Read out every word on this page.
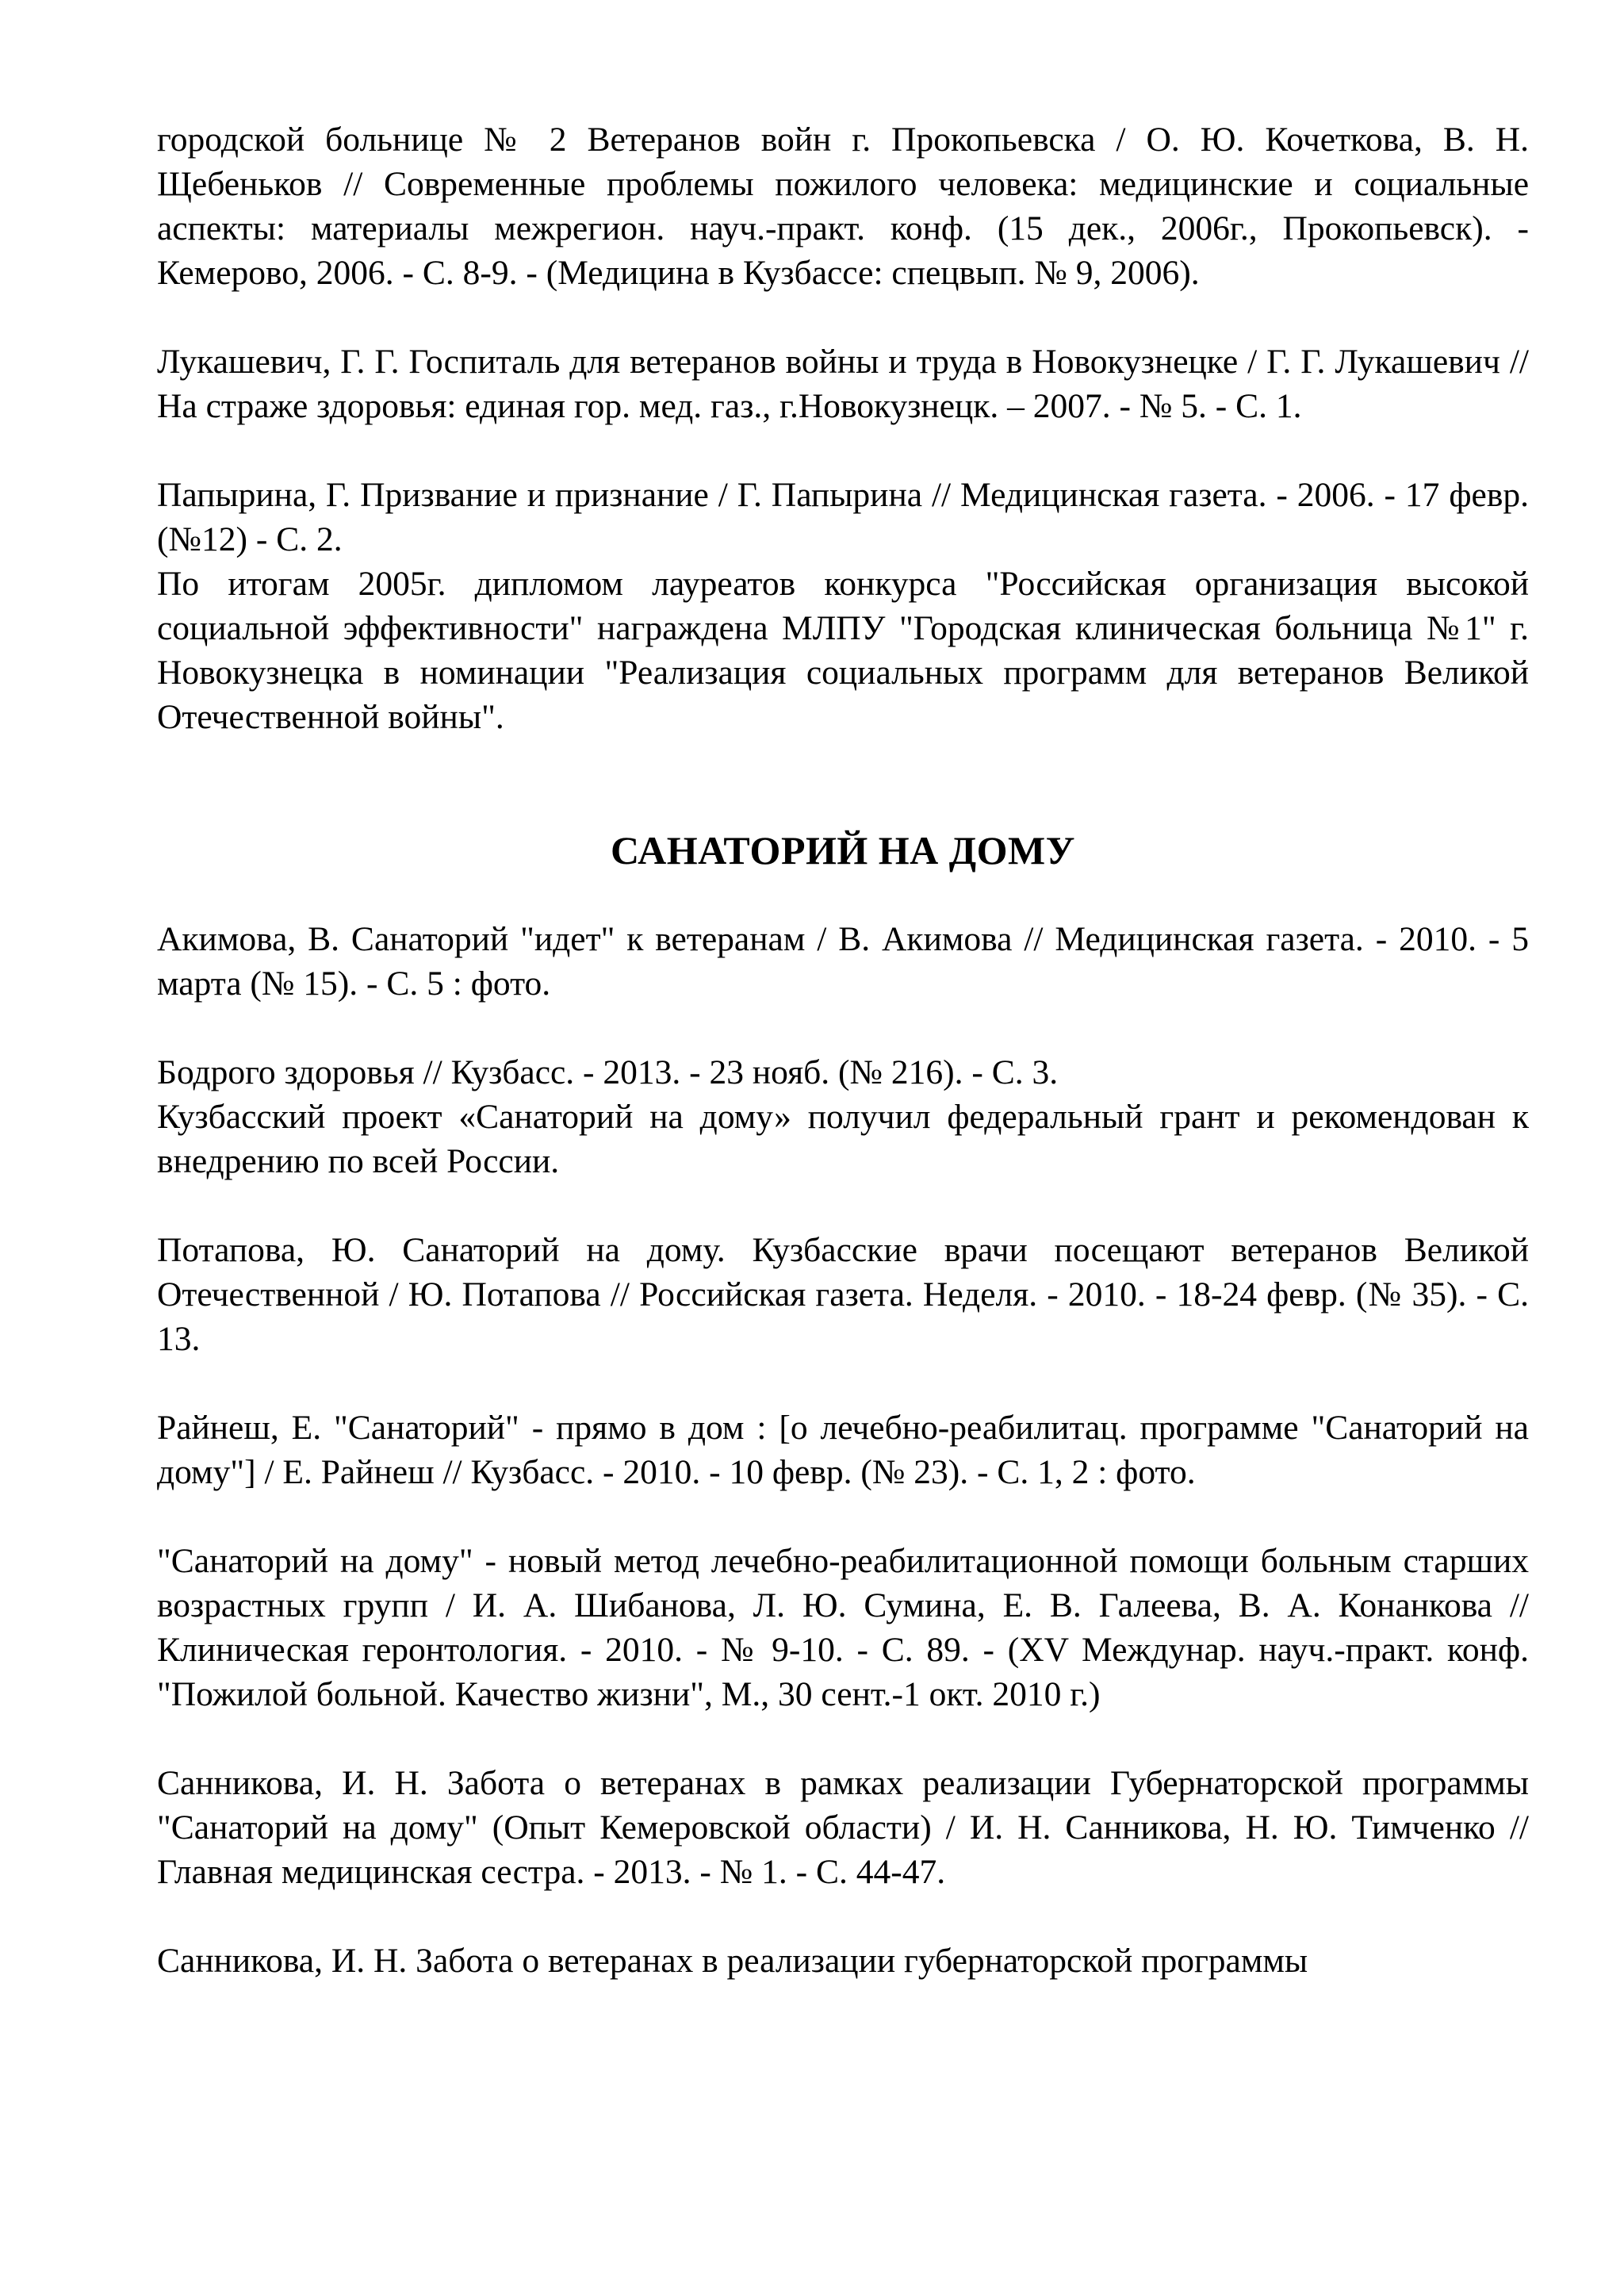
городской больнице № 2 Ветеранов войн г. Прокопьевска / О. Ю. Кочеткова, В. Н. Щебеньков // Современные проблемы пожилого человека: медицинские и социальные аспекты: материалы межрегион. науч.-практ. конф. (15 дек., 2006г., Прокопьевск). - Кемерово, 2006. - С. 8-9. - (Медицина в Кузбассе: спецвып. № 9, 2006).

Лукашевич, Г. Г. Госпиталь для ветеранов войны и труда в Новокузнецке / Г. Г. Лукашевич // На страже здоровья: единая гор. мед. газ., г.Новокузнецк. – 2007. - № 5. - С. 1.

Папырина, Г. Призвание и признание / Г. Папырина // Медицинская газета. - 2006. - 17 февр. (№12) - С. 2.

По итогам 2005г. дипломом лауреатов конкурса "Российская организация высокой социальной эффективности" награждена МЛПУ "Городская клиническая больница №1" г. Новокузнецка в номинации "Реализация социальных программ для ветеранов Великой Отечественной войны".

САНАТОРИЙ НА ДОМУ

Акимова, В. Санаторий "идет" к ветеранам / В. Акимова // Медицинская газета. - 2010. - 5 марта (№ 15). - С. 5 : фото.

Бодрого здоровья // Кузбасс. - 2013. - 23 нояб. (№ 216). - С. 3.

Кузбасский проект «Санаторий на дому» получил федеральный грант и рекомендован к внедрению по всей России.

Потапова, Ю. Санаторий на дому. Кузбасские врачи посещают ветеранов Великой Отечественной / Ю. Потапова // Российская газета. Неделя. - 2010. - 18-24 февр. (№ 35). - С. 13.

Райнеш, Е. "Санаторий" - прямо в дом : [о лечебно-реабилитац. программе "Санаторий на дому"] / Е. Райнеш // Кузбасс. - 2010. - 10 февр. (№ 23). - С. 1, 2 : фото.

"Санаторий на дому" - новый метод лечебно-реабилитационной помощи больным старших возрастных групп / И. А. Шибанова, Л. Ю. Сумина, Е. В. Галеева, В. А. Конанкова // Клиническая геронтология. - 2010. - № 9-10. - С. 89. - (XV Междунар. науч.-практ. конф. "Пожилой больной. Качество жизни", М., 30 сент.-1 окт. 2010 г.)

Санникова, И. Н. Забота о ветеранах в рамках реализации Губернаторской программы "Санаторий на дому" (Опыт Кемеровской области) / И. Н. Санникова, Н. Ю. Тимченко // Главная медицинская сестра. - 2013. - № 1. - С. 44-47.

Санникова, И. Н. Забота о ветеранах в реализации губернаторской программы
